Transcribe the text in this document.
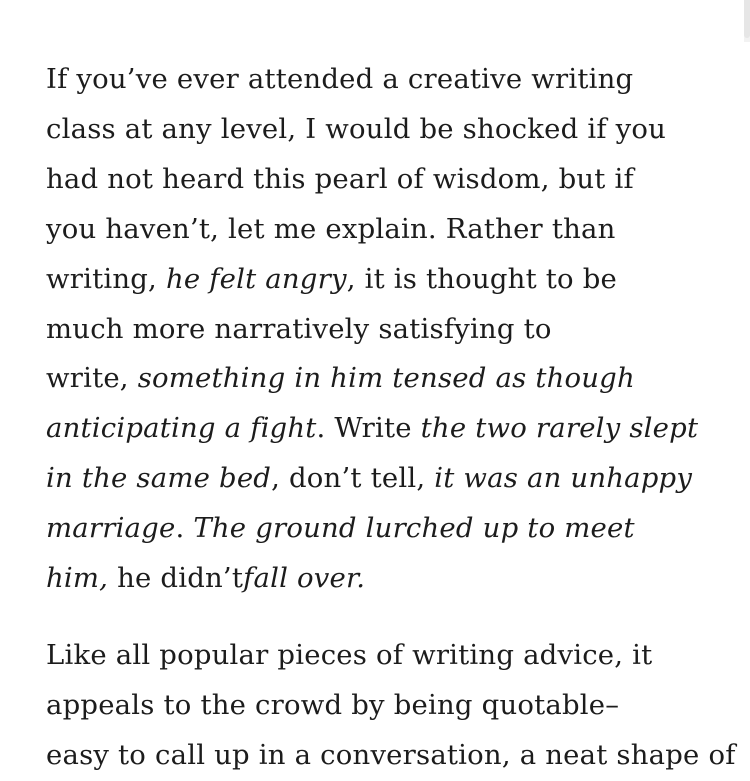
If you’ve ever attended a creative writing
class at any level, I would be shocked if you
had not heard this pearl of wisdom, but if
you haven’t, let me explain. Rather than
writing, he felt angry, it is thought to be
much more narratively satisfying to
write, something in him tensed as though
anticipating a fight. Write the two rarely slept
in the same bed, don’t tell, it was an unhappy
marriage. The ground lurched up to meet
him, he didn’tfall over.

Like all popular pieces of writing advice, it
appeals to the crowd by being quotable–
easy to call up in a conversation, a neat shape of
